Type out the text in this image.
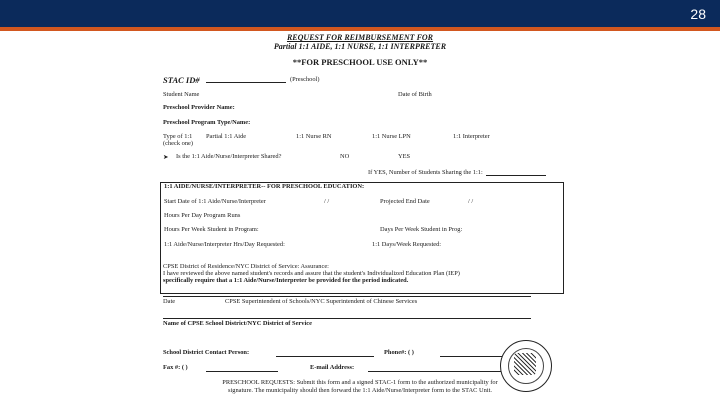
28
REQUEST FOR REIMBURSEMENT FOR
Partial 1:1 AIDE, 1:1 NURSE, 1:1 INTERPRETER
**FOR PRESCHOOL USE ONLY**
STAC ID#	(Preschool)
Student Name	Date of Birth
Preschool Provider Name:
Preschool Program Type/Name:
Type of 1:1
(check one)
Partial 1:1 Aide	1:1 Nurse RN	1:1 Nurse LPN	1:1 Interpreter
➤ Is the 1:1 Aide/Nurse/Interpreter Shared?	NO	YES
If YES, Number of Students Sharing the 1:1:
1:1 AIDE/NURSE/INTERPRETER-- FOR PRESCHOOL EDUCATION:
Start Date of 1:1 Aide/Nurse/Interpreter	/ /	Projected End Date	/ /
Hours Per Day Program Runs
Hours Per Week Student in Program:	Days Per Week Student in Prog:
1:1 Aide/Nurse/Interpreter Hrs/Day Requested:	1:1 Days/Week Requested:
CPSE District of Residence/NYC District of Service: Assurance:
I have reviewed the above named student's records and assure that the student's Individualized Education Plan (IEP)
specifically require that a 1:1 Aide/Nurse/Interpreter be provided for the period indicated.
Date	CPSE Superintendent of Schools/NYC Superintendent of Chinese Services
Name of CPSE School District/NYC District of Service
School District Contact Person:	Phone#: ( )
Fax #: ( )	E-mail Address:
PRESCHOOL REQUESTS: Submit this form and a signed STAC-1 form to the authorized municipality for
signature. The municipality should then forward the 1:1 Aide/Nurse/Interpreter form to the STAC Unit.
